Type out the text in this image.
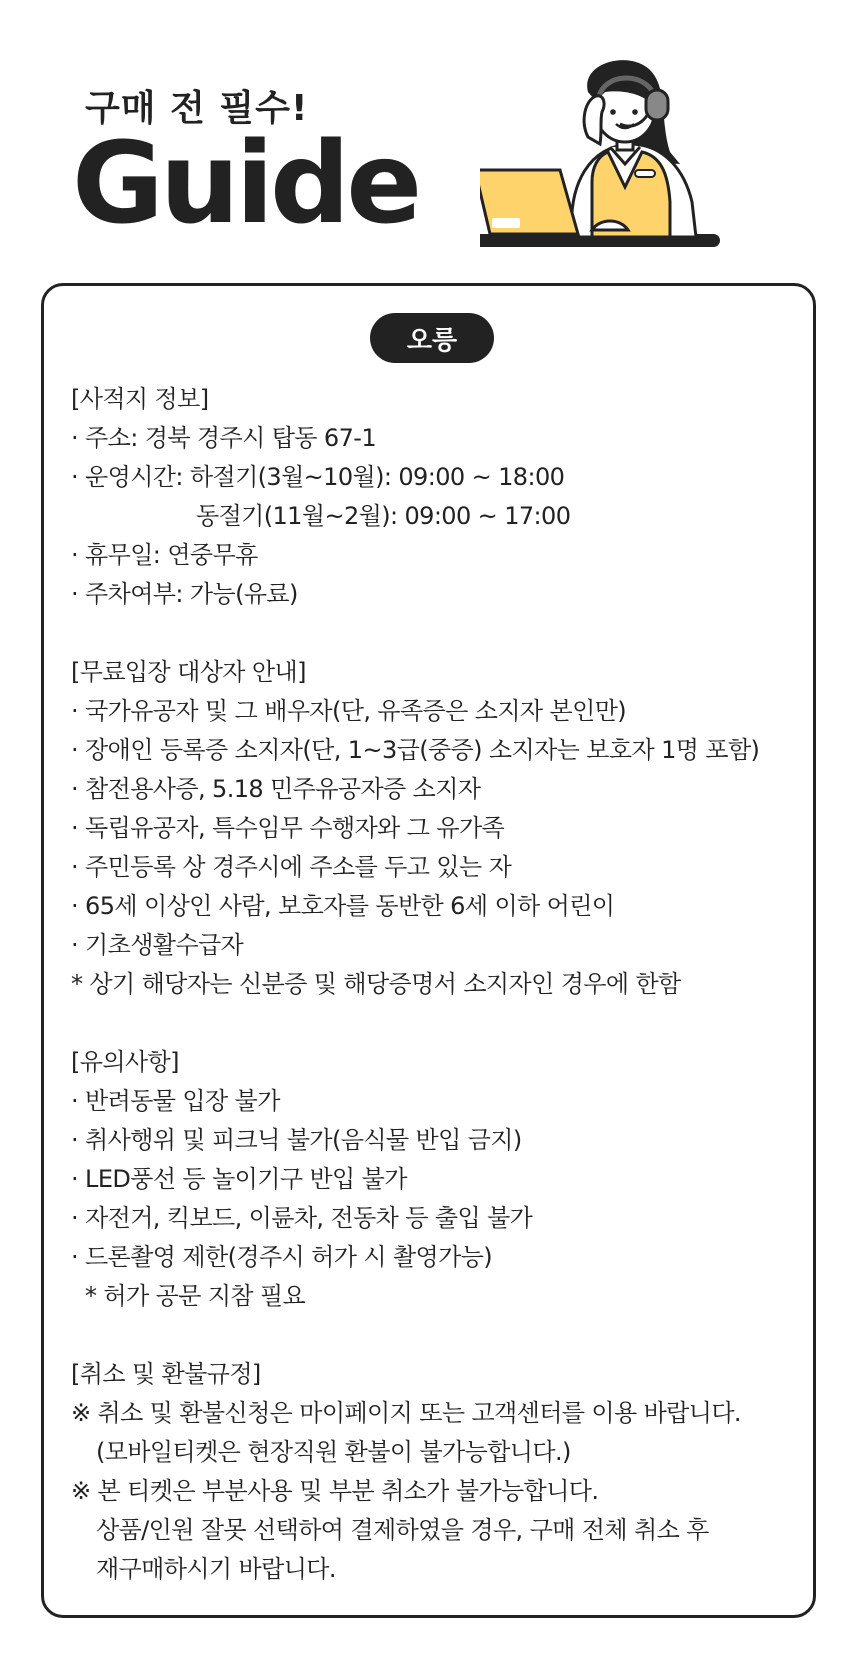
구매 전 필수!
Guide
오릉
[사적지 정보]
· 주소: 경북 경주시 탑동 67-1
· 운영시간: 하절기(3월~10월): 09:00 ~ 18:00
동절기(11월~2월): 09:00 ~ 17:00
· 휴무일: 연중무휴
· 주차여부: 가능(유료)
[무료입장 대상자 안내]
· 국가유공자 및 그 배우자(단, 유족증은 소지자 본인만)
· 장애인 등록증 소지자(단, 1~3급(중증) 소지자는 보호자 1명 포함)
· 참전용사증, 5.18 민주유공자증 소지자
· 독립유공자, 특수임무 수행자와 그 유가족
· 주민등록 상 경주시에 주소를 두고 있는 자
· 65세 이상인 사람, 보호자를 동반한 6세 이하 어린이
· 기초생활수급자
* 상기 해당자는 신분증 및 해당증명서 소지자인 경우에 한함
[유의사항]
· 반려동물 입장 불가
· 취사행위 및 피크닉 불가(음식물 반입 금지)
· LED풍선 등 놀이기구 반입 불가
· 자전거, 킥보드, 이륜차, 전동차 등 출입 불가
· 드론촬영 제한(경주시 허가 시 촬영가능)
* 허가 공문 지참 필요
[취소 및 환불규정]
※ 취소 및 환불신청은 마이페이지 또는 고객센터를 이용 바랍니다.
(모바일티켓은 현장직원 환불이 불가능합니다.)
※ 본 티켓은 부분사용 및 부분 취소가 불가능합니다.
상품/인원 잘못 선택하여 결제하였을 경우, 구매 전체 취소 후
재구매하시기 바랍니다.
